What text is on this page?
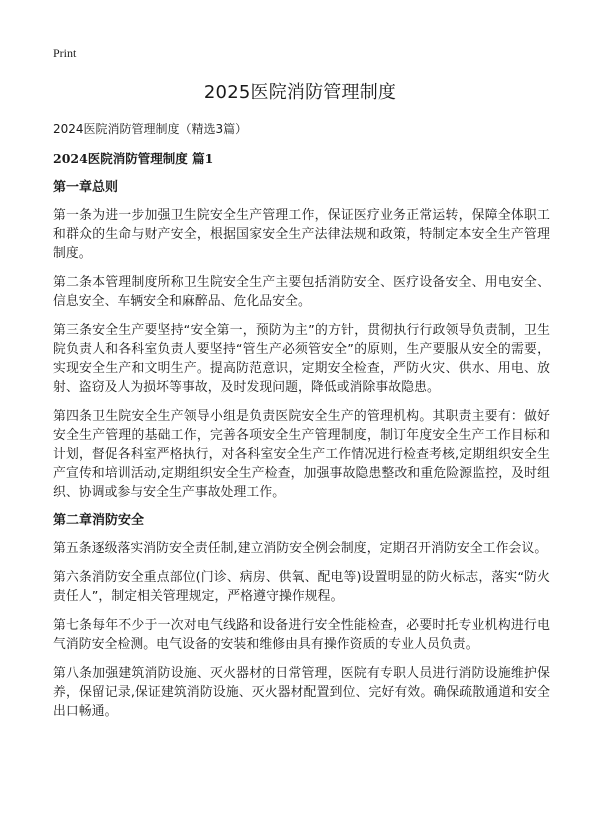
Print
2025医院消防管理制度
2024医院消防管理制度（精选3篇）
2024医院消防管理制度 篇1
第一章总则

第一条为进一步加强卫生院安全生产管理工作，保证医疗业务正常运转，保障全体职工和群众的生命与财产安全，根据国家安全生产法律法规和政策，特制定本安全生产管理制度。

第二条本管理制度所称卫生院安全生产主要包括消防安全、医疗设备安全、用电安全、信息安全、车辆安全和麻醉品、危化品安全。

第三条安全生产要坚持“安全第一，预防为主”的方针，贯彻执行行政领导负责制，卫生院负责人和各科室负责人要坚持“管生产必须管安全”的原则，生产要服从安全的需要，实现安全生产和文明生产。提高防范意识，定期安全检查，严防火灾、供水、用电、放射、盗窃及人为损坏等事故，及时发现问题，降低或消除事故隐患。

第四条卫生院安全生产领导小组是负责医院安全生产的管理机构。其职责主要有：做好安全生产管理的基础工作，完善各项安全生产管理制度，制订年度安全生产工作目标和计划，督促各科室严格执行，对各科室安全生产工作情况进行检查考核,定期组织安全生产宣传和培训活动,定期组织安全生产检查，加强事故隐患整改和重危险源监控，及时组织、协调或参与安全生产事故处理工作。

第二章消防安全

第五条逐级落实消防安全责任制,建立消防安全例会制度，定期召开消防安全工作会议。

第六条消防安全重点部位(门诊、病房、供氧、配电等)设置明显的防火标志，落实“防火责任人”，制定相关管理规定，严格遵守操作规程。

第七条每年不少于一次对电气线路和设备进行安全性能检查，必要时托专业机构进行电气消防安全检测。电气设备的安装和维修由具有操作资质的专业人员负责。

第八条加强建筑消防设施、灭火器材的日常管理，医院有专职人员进行消防设施维护保养，保留记录,保证建筑消防设施、灭火器材配置到位、完好有效。确保疏散通道和安全出口畅通。
